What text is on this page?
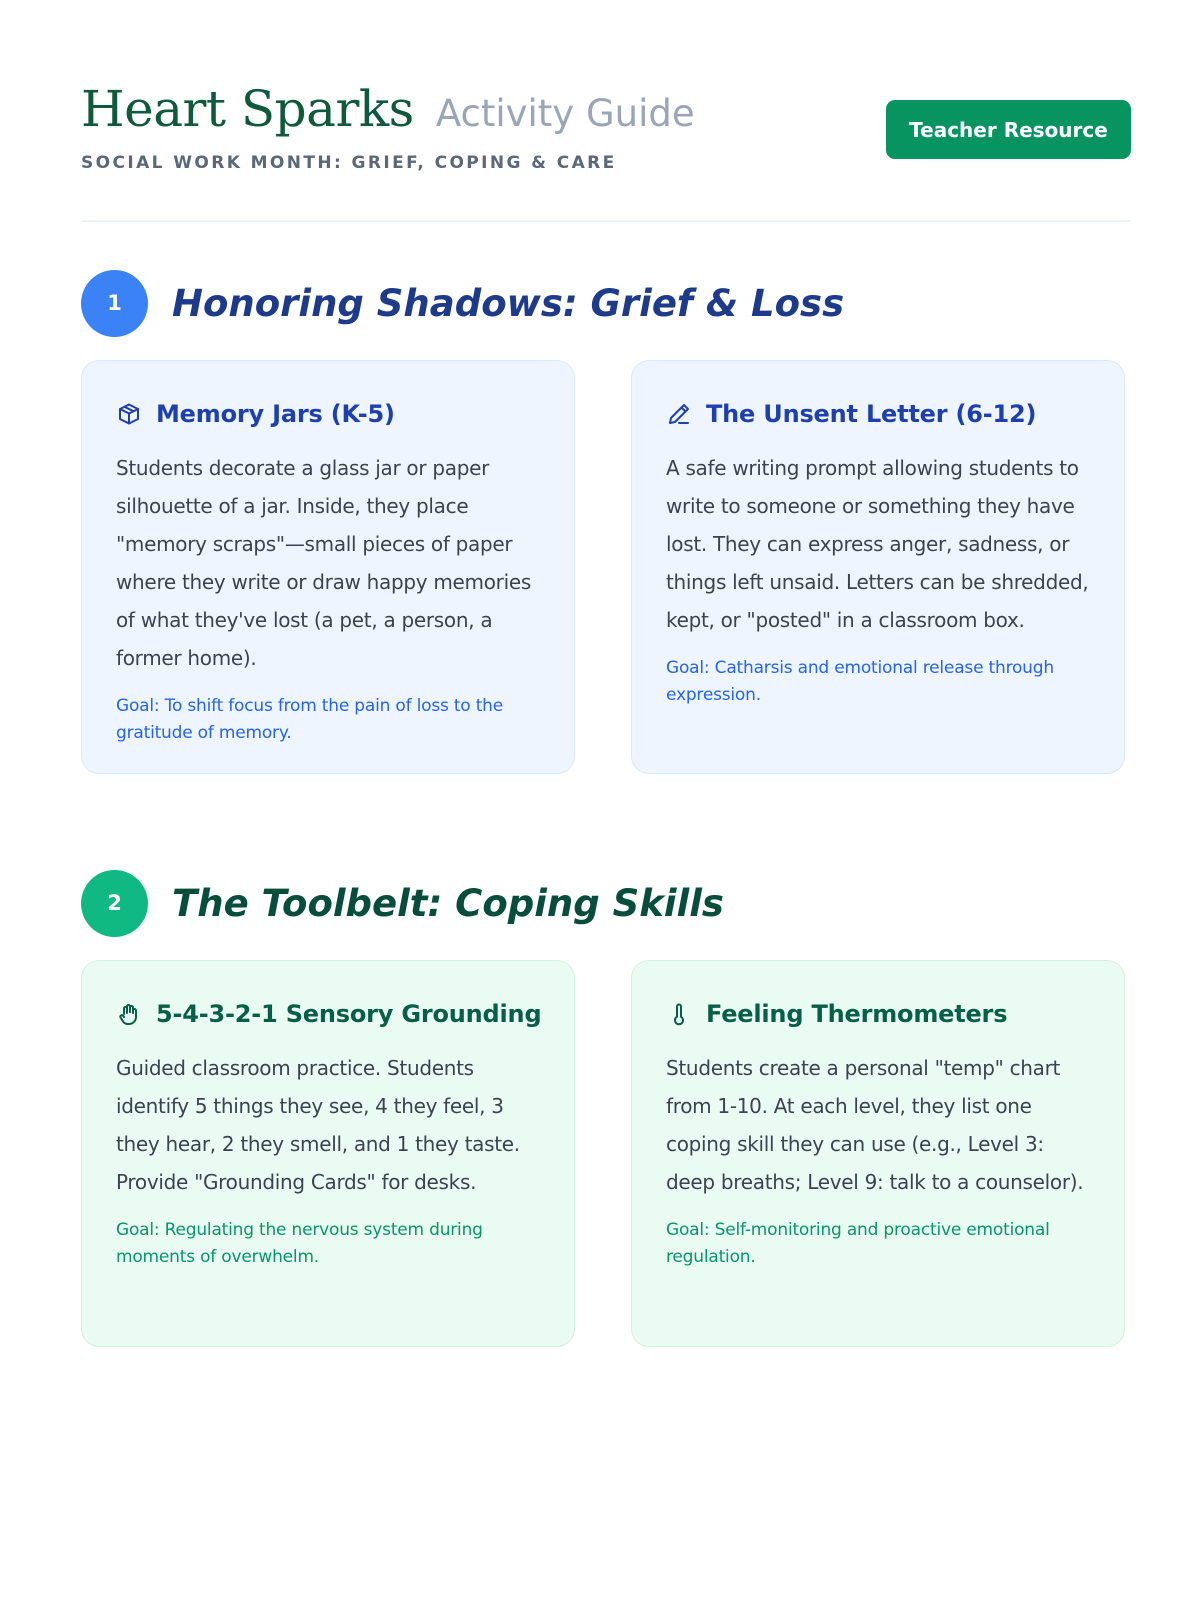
Heart Sparks Activity Guide
SOCIAL WORK MONTH: GRIEF, COPING & CARE
Teacher Resource
1	Honoring Shadows: Grief & Loss
Memory Jars (K-5)
Students decorate a glass jar or paper silhouette of a jar. Inside, they place "memory scraps"—small pieces of paper where they write or draw happy memories of what they've lost (a pet, a person, a former home).
Goal: To shift focus from the pain of loss to the gratitude of memory.
The Unsent Letter (6-12)
A safe writing prompt allowing students to write to someone or something they have lost. They can express anger, sadness, or things left unsaid. Letters can be shredded, kept, or "posted" in a classroom box.
Goal: Catharsis and emotional release through expression.
2	The Toolbelt: Coping Skills
5-4-3-2-1 Sensory Grounding
Guided classroom practice. Students identify 5 things they see, 4 they feel, 3 they hear, 2 they smell, and 1 they taste. Provide "Grounding Cards" for desks.
Goal: Regulating the nervous system during moments of overwhelm.
Feeling Thermometers
Students create a personal "temp" chart from 1-10. At each level, they list one coping skill they can use (e.g., Level 3: deep breaths; Level 9: talk to a counselor).
Goal: Self-monitoring and proactive emotional regulation.
